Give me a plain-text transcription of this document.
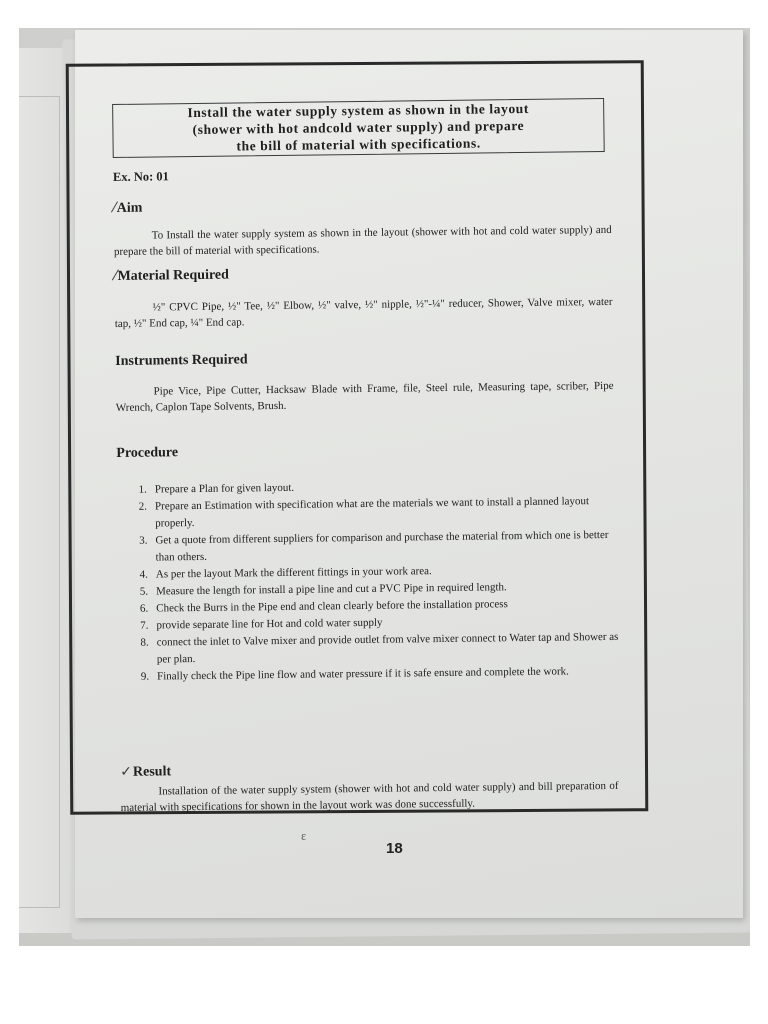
Install the water supply system as shown in the layout
(shower with hot andcold water supply) and prepare
the bill of material with specifications.
Ex. No: 01
⁄Aim
To Install the water supply system as shown in the layout (shower with hot and cold water supply) and prepare the bill of material with specifications.
⁄Material Required
½" CPVC Pipe, ½" Tee, ½" Elbow, ½" valve, ½" nipple, ½"-¼" reducer, Shower, Valve mixer, water tap, ½" End cap, ¼" End cap.
Instruments Required
Pipe Vice, Pipe Cutter, Hacksaw Blade with Frame, file, Steel rule, Measuring tape, scriber, Pipe Wrench, Caplon Tape Solvents, Brush.
Procedure
1. Prepare a Plan for given layout.
2. Prepare an Estimation with specification what are the materials we want to install a planned layout properly.
3. Get a quote from different suppliers for comparison and purchase the material from which one is better than others.
4. As per the layout Mark the different fittings in your work area.
5. Measure the length for install a pipe line and cut a PVC Pipe in required length.
6. Check the Burrs in the Pipe end and clean clearly before the installation process
7. provide separate line for Hot and cold water supply
8. connect the inlet to Valve mixer and provide outlet from valve mixer connect to Water tap and Shower as per plan.
9. Finally check the Pipe line flow and water pressure if it is safe ensure and complete the work.
ɛ
✓Result
Installation of the water supply system (shower with hot and cold water supply) and bill preparation of material with specifications for shown in the layout work was done successfully.
18
